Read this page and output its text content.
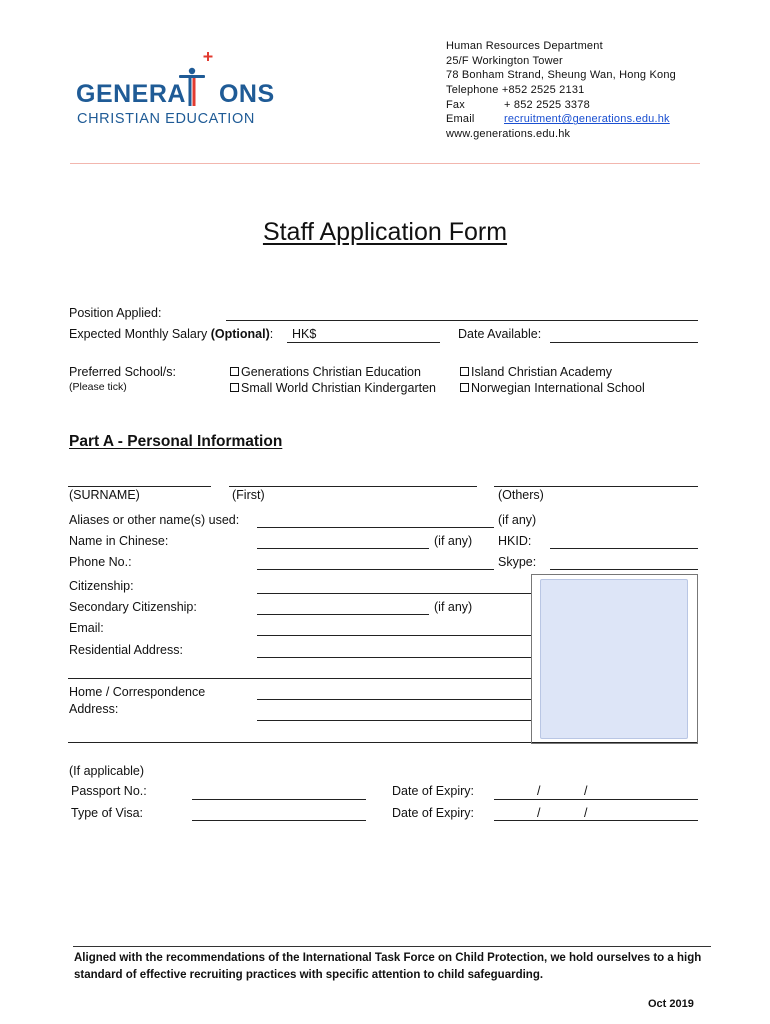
GENERA ONS
CHRISTIAN EDUCATION
Human Resources Department
25/F Workington Tower
78 Bonham Strand, Sheung Wan, Hong Kong
Telephone +852 2525 2131
Fax	+ 852 2525 3378
Email	recruitment@generations.edu.hk
www.generations.edu.hk
Staff Application Form
Position Applied:
Expected Monthly Salary (Optional): HK$	Date Available:
Preferred School/s:
(Please tick)
Generations Christian Education
Small World Christian Kindergarten
Island Christian Academy
Norwegian International School
Part A - Personal Information
(SURNAME)	(First)	(Others)
Aliases or other name(s) used:	(if any)
Name in Chinese:	(if any) HKID:
Phone No.:	Skype:
Citizenship:
Secondary Citizenship:	(if any)
Email:
Residential Address:
Home / Correspondence
Address:
(If applicable)
Passport No.:	Date of Expiry:	/	/
Type of Visa:	Date of Expiry:	/	/
Aligned with the recommendations of the International Task Force on Child Protection, we hold ourselves to a high standard of effective recruiting practices with specific attention to child safeguarding.
Oct 2019
